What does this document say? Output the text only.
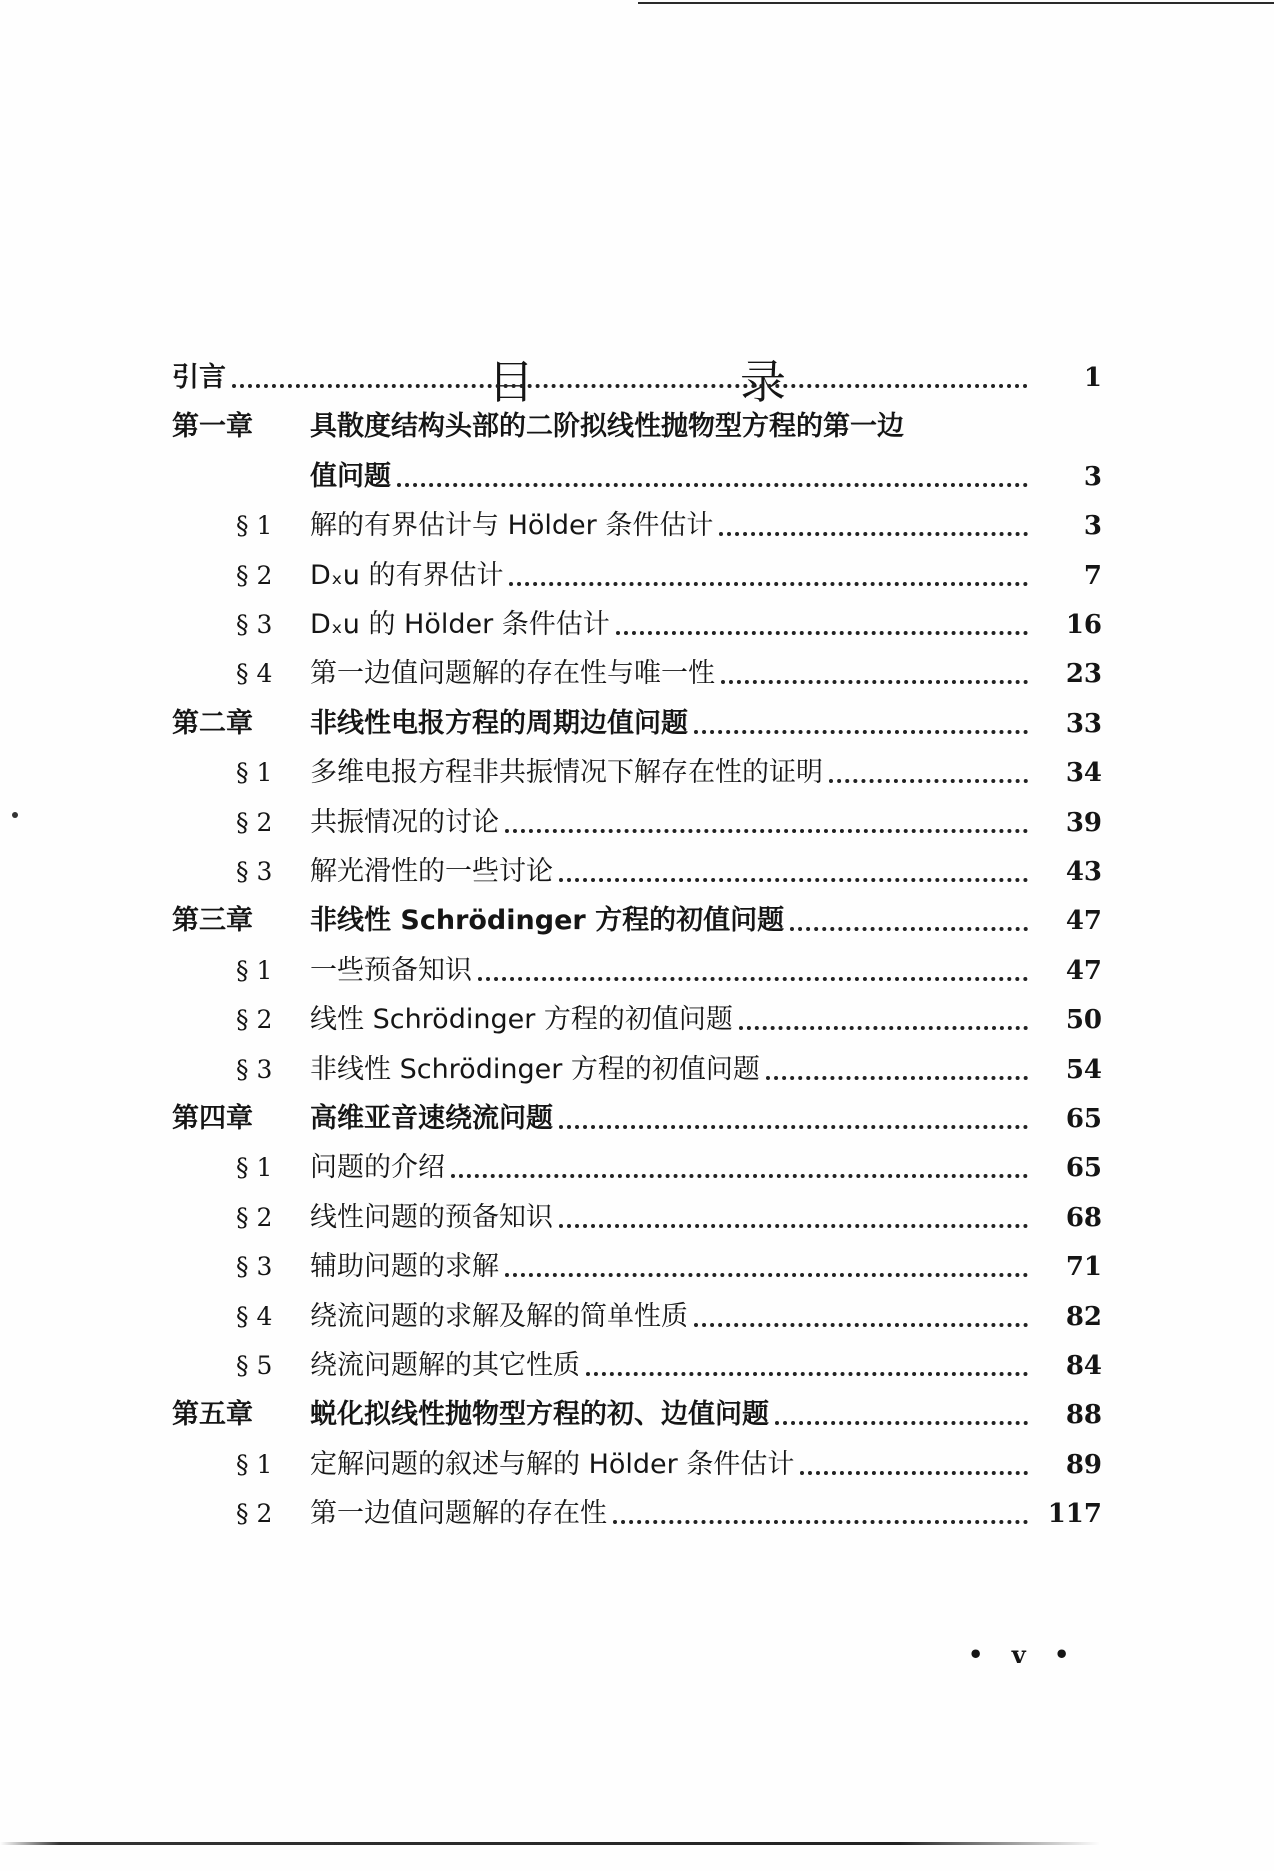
目　录
引言	1
第一章 具散度结构头部的二阶拟线性抛物型方程的第一边
值问题	3
§ 1 解的有界估计与 Hölder 条件估计	3
§ 2 Dₓu 的有界估计	7
§ 3 Dₓu 的 Hölder 条件估计	16
§ 4 第一边值问题解的存在性与唯一性	23
第二章 非线性电报方程的周期边值问题	33
§ 1 多维电报方程非共振情况下解存在性的证明	34
§ 2 共振情况的讨论	39
§ 3 解光滑性的一些讨论	43
第三章 非线性 Schrödinger 方程的初值问题	47
§ 1 一些预备知识	47
§ 2 线性 Schrödinger 方程的初值问题	50
§ 3 非线性 Schrödinger 方程的初值问题	54
第四章 高维亚音速绕流问题	65
§ 1 问题的介绍	65
§ 2 线性问题的预备知识	68
§ 3 辅助问题的求解	71
§ 4 绕流问题的求解及解的简单性质	82
§ 5 绕流问题解的其它性质	84
第五章 蜕化拟线性抛物型方程的初、边值问题	88
§ 1 定解问题的叙述与解的 Hölder 条件估计	89
§ 2 第一边值问题解的存在性	117
• v •
